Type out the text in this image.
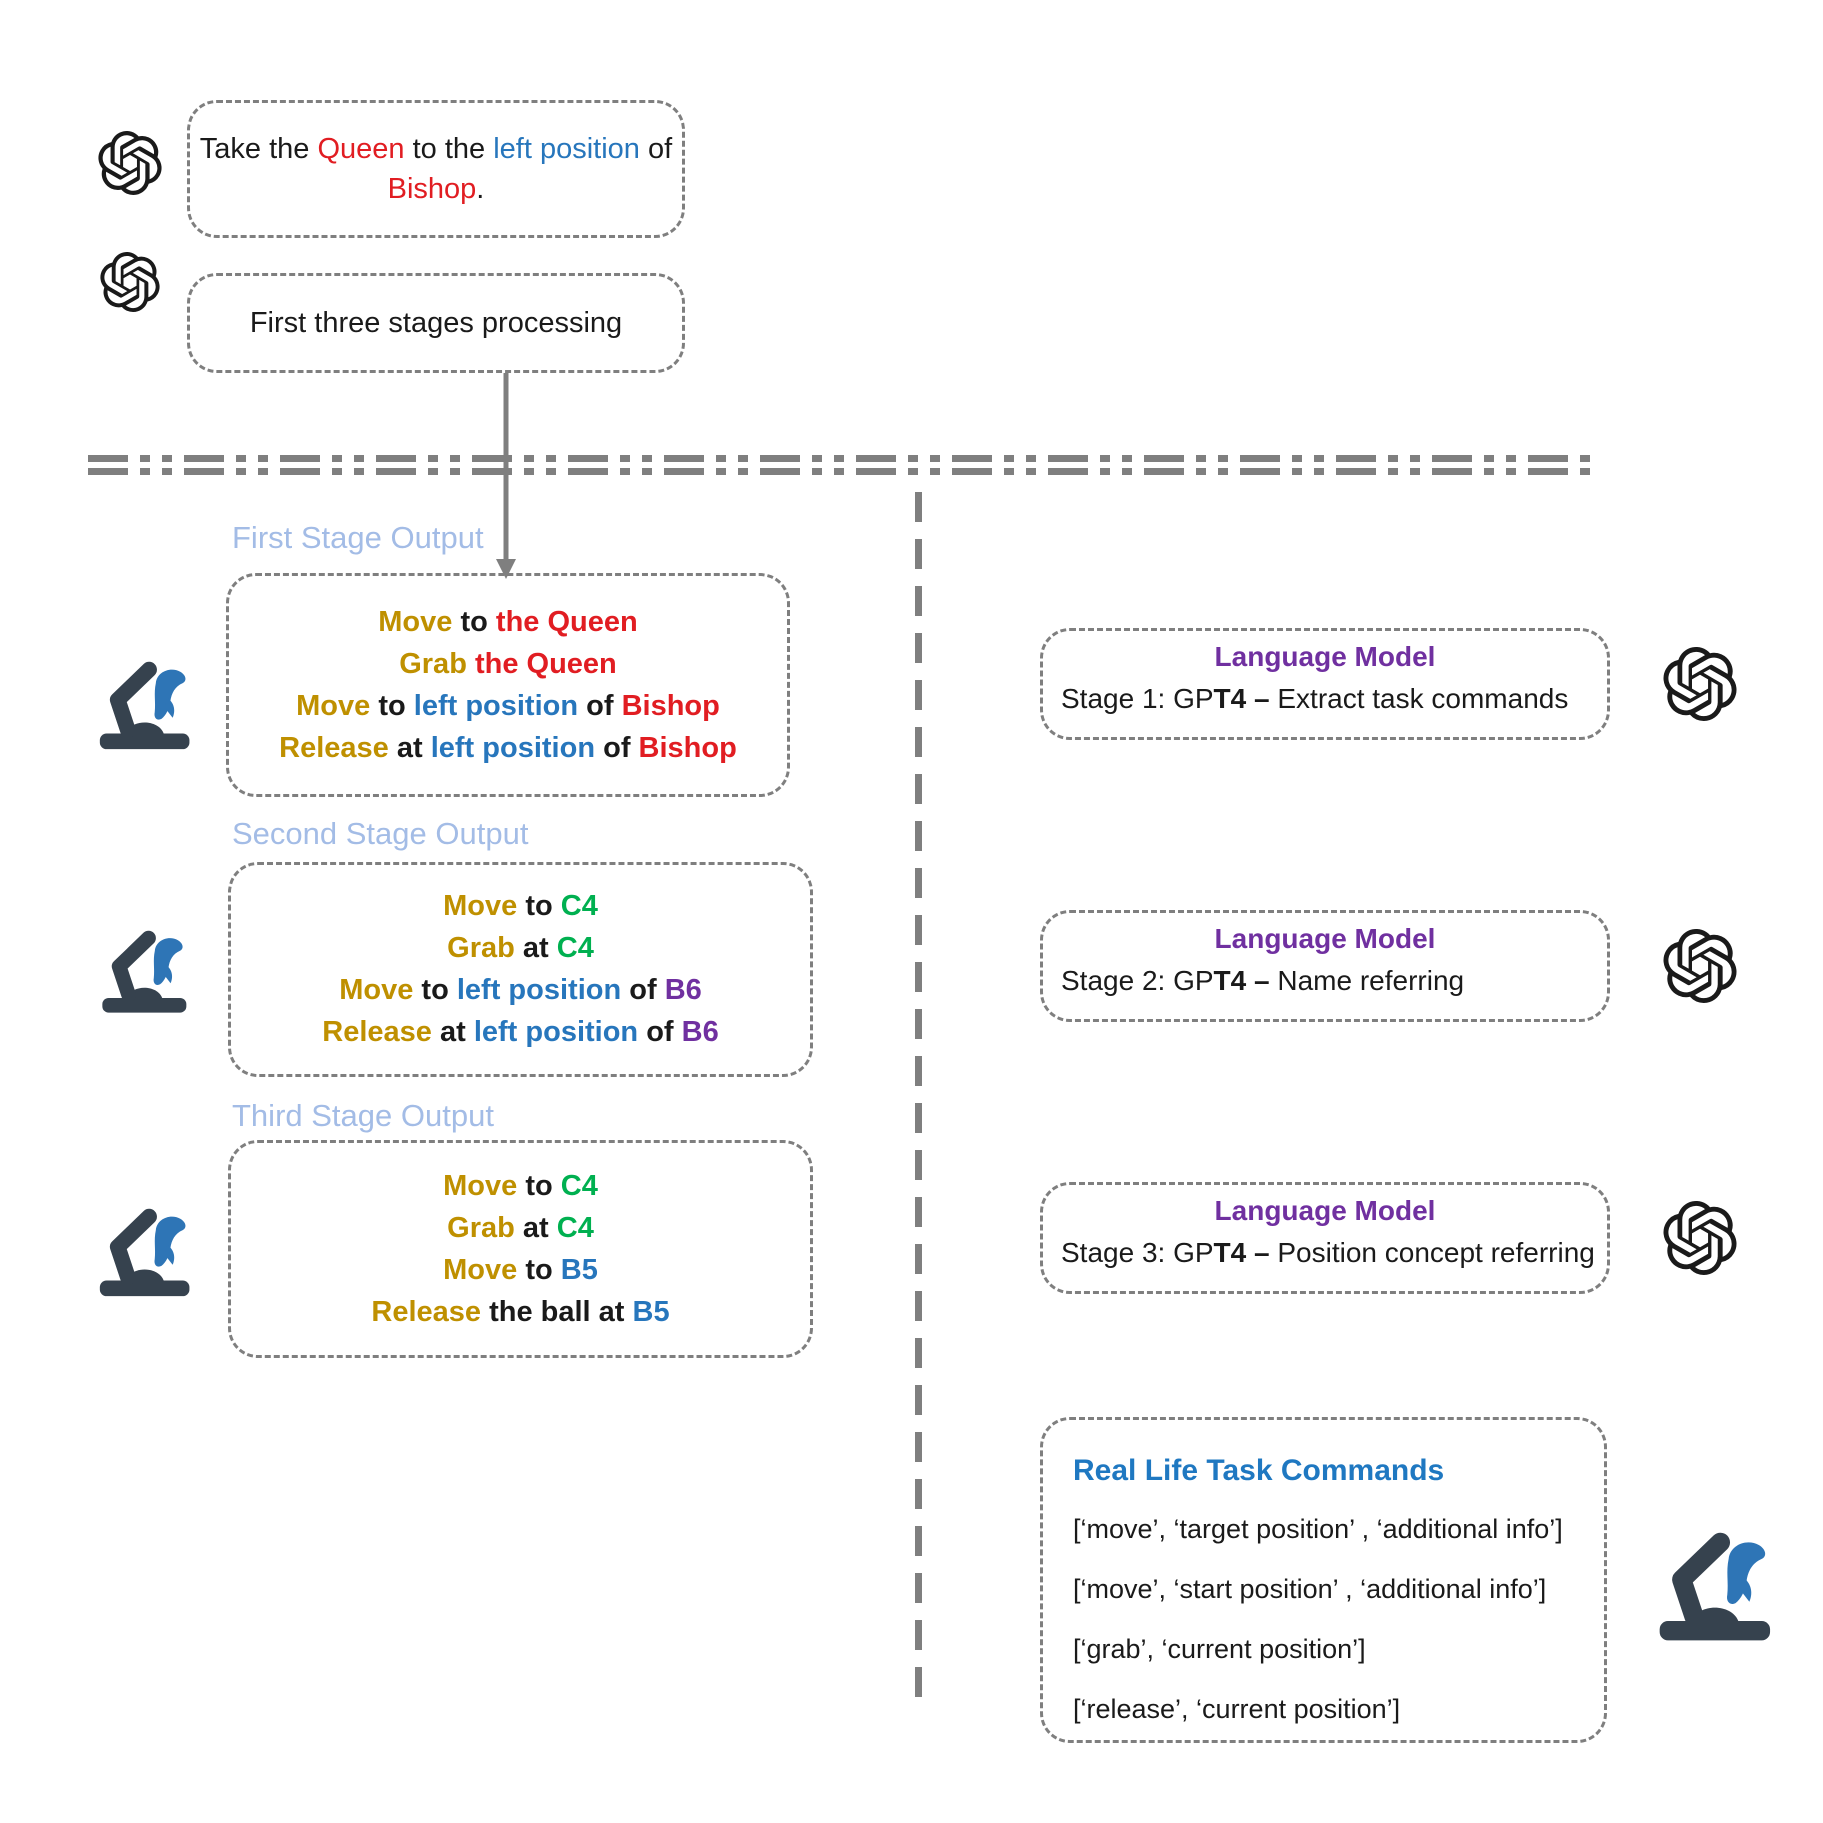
Take the Queen to the left position of
Bishop.
First three stages processing
First Stage Output
Move to the Queen
Grab the Queen
Move to left position of Bishop
Release at left position of Bishop
Second Stage Output
Move to C4
Grab at C4
Move to left position of B6
Release at left position of B6
Third Stage Output
Move to C4
Grab at C4
Move to B5
Release the ball at B5
Language Model
Stage 1: GPT4 – Extract task commands
Language Model
Stage 2: GPT4 – Name referring
Language Model
Stage 3: GPT4 – Position concept referring
Real Life Task Commands
[‘move’, ‘target position’ , ‘additional info’]
[‘move’, ‘start position’ , ‘additional info’]
[‘grab’, ‘current position’]
[‘release’, ‘current position’]
